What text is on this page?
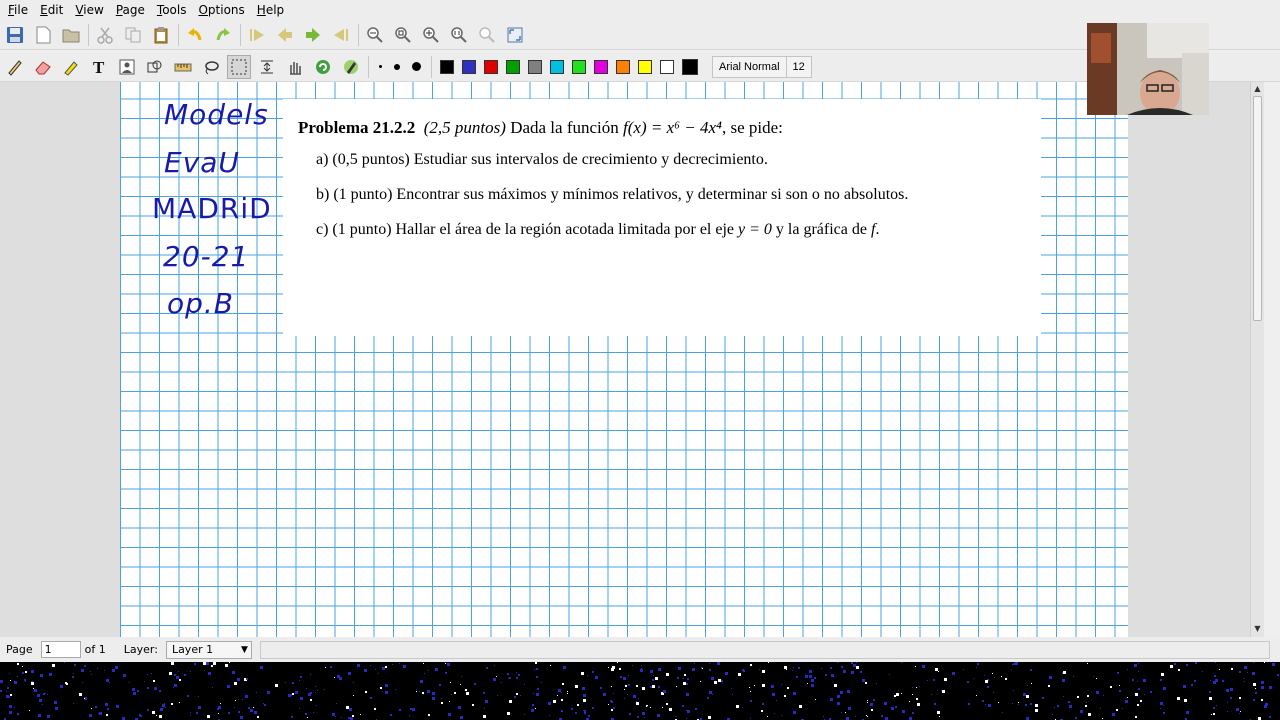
File	Edit	View	Page	Tools	Options	Help
T	Arial Normal	12
Models
EvaU
MADRiD
20-21
op.B
Problema 21.2.2 (2,5 puntos) Dada la función f(x) = x⁶ − 4x⁴, se pide:
a) (0,5 puntos) Estudiar sus intervalos de crecimiento y decrecimiento.
b) (1 punto) Encontrar sus máximos y mínimos relativos, y determinar si son o no absolutos.
c) (1 punto) Hallar el área de la región acotada limitada por el eje y = 0 y la gráfica de f.
▲
▼
Page	1	of 1 Layer:	Layer 1	▼
